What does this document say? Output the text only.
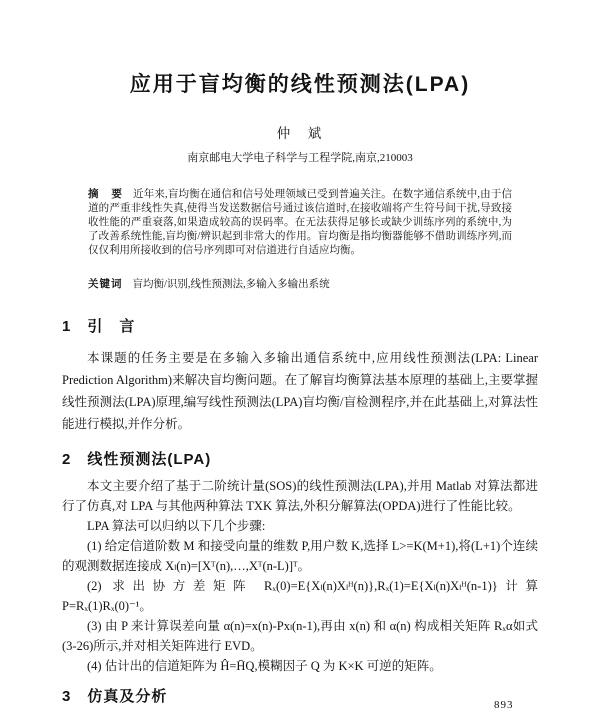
应用于盲均衡的线性预测法(LPA)
仲　斌
南京邮电大学电子科学与工程学院,南京,210003

摘　要 近年来,盲均衡在通信和信号处理领域已受到普遍关注。在数字通信系统中,由于信道的严重非线性失真,使得当发送数据信号通过该信道时,在接收端将产生符号间干扰,导致接收性能的严重衰落,如果造成较高的误码率。在无法获得足够长或缺少训练序列的系统中,为了改善系统性能,盲均衡/辨识起到非常大的作用。盲均衡是指均衡器能够不借助训练序列,而仅仅利用所接收到的信号序列即可对信道进行自适应均衡。

关键词 盲均衡/识别,线性预测法,多输入多输出系统

1 引　言

本课题的任务主要是在多输入多输出通信系统中,应用线性预测法(LPA: Linear Prediction Algorithm)来解决盲均衡问题。在了解盲均衡算法基本原理的基础上,主要掌握线性预测法(LPA)原理,编写线性预测法(LPA)盲均衡/盲检测程序,并在此基础上,对算法性能进行模拟,并作分析。

2 线性预测法(LPA)

本文主要介绍了基于二阶统计量(SOS)的线性预测法(LPA),并用 Matlab 对算法都进行了仿真,对 LPA 与其他两种算法 TXK 算法,外积分解算法(OPDA)进行了性能比较。

LPA 算法可以归纳以下几个步骤:

(1) 给定信道阶数 M 和接受向量的维数 P,用户数 K,选择 L>=K(M+1),将(L+1)个连续的观测数据连接成 Xₗ(n)=[Xᵀ(n),…,Xᵀ(n-L)]ᵀ。

(2) 求出协方差矩阵 Rₓ(0)=E{Xₗ(n)Xₗᴴ(n)},Rₓ(1)=E{Xₗ(n)Xₗᴴ(n-1)}计算 P=Rₓ(1)Rₓ(0)⁻¹。

(3) 由 P 来计算误差向量 α(n)=x(n)-Pxₗ(n-1),再由 x(n) 和 α(n) 构成相关矩阵 Rₓα如式(3-26)所示,并对相关矩阵进行 EVD。

(4) 估计出的信道矩阵为 Ĥ=H̄Q,模糊因子 Q 为 K×K 可逆的矩阵。

3 仿真及分析	893
